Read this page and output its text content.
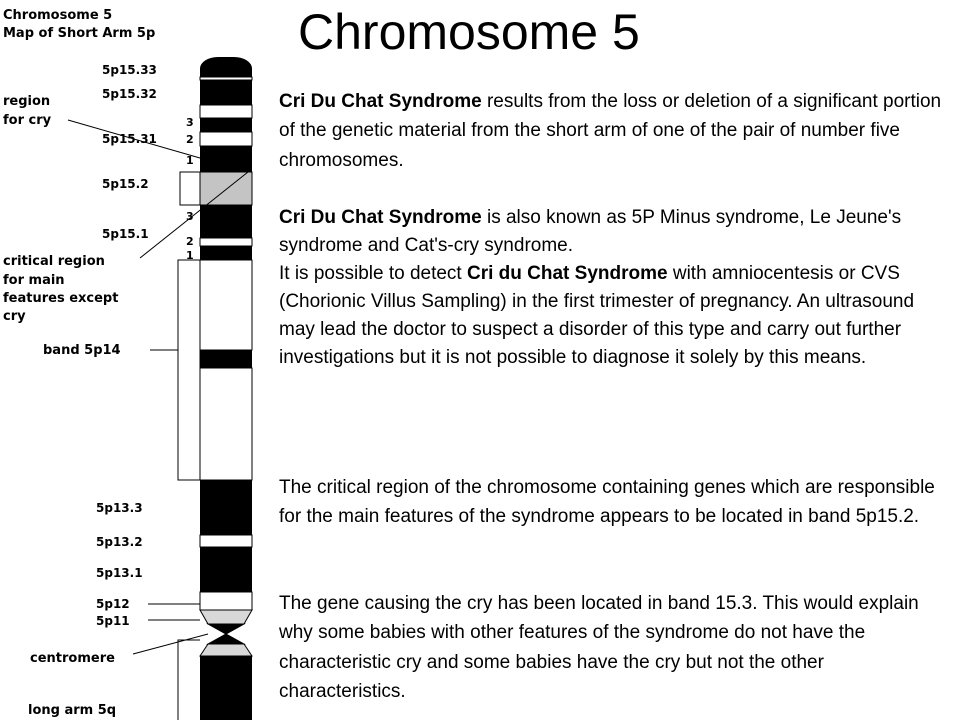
Chromosome 5
Map of Short Arm 5p
5p15.33
5p15.32
5p15.31
5p15.2
5p15.1
5p13.3
5p13.2
5p13.1
5p12
5p11
3
2
1
3
2
1
region
for cry
critical region
for main
features except
cry
band 5p14
centromere
long arm 5q
Chromosome 5

Cri Du Chat Syndrome results from the loss or deletion of a significant portion of the genetic material from the short arm of one of the pair of number five chromosomes.

Cri Du Chat Syndrome is also known as 5P Minus syndrome, Le Jeune's syndrome and Cat's-cry syndrome.
It is possible to detect Cri du Chat Syndrome with amniocentesis or CVS (Chorionic Villus Sampling) in the first trimester of pregnancy. An ultrasound may lead the doctor to suspect a disorder of this type and carry out further investigations but it is not possible to diagnose it solely by this means.

The critical region of the chromosome containing genes which are responsible for the main features of the syndrome appears to be located in band 5p15.2.

The gene causing the cry has been located in band 15.3. This would explain why some babies with other features of the syndrome do not have the characteristic cry and some babies have the cry but not the other characteristics.
